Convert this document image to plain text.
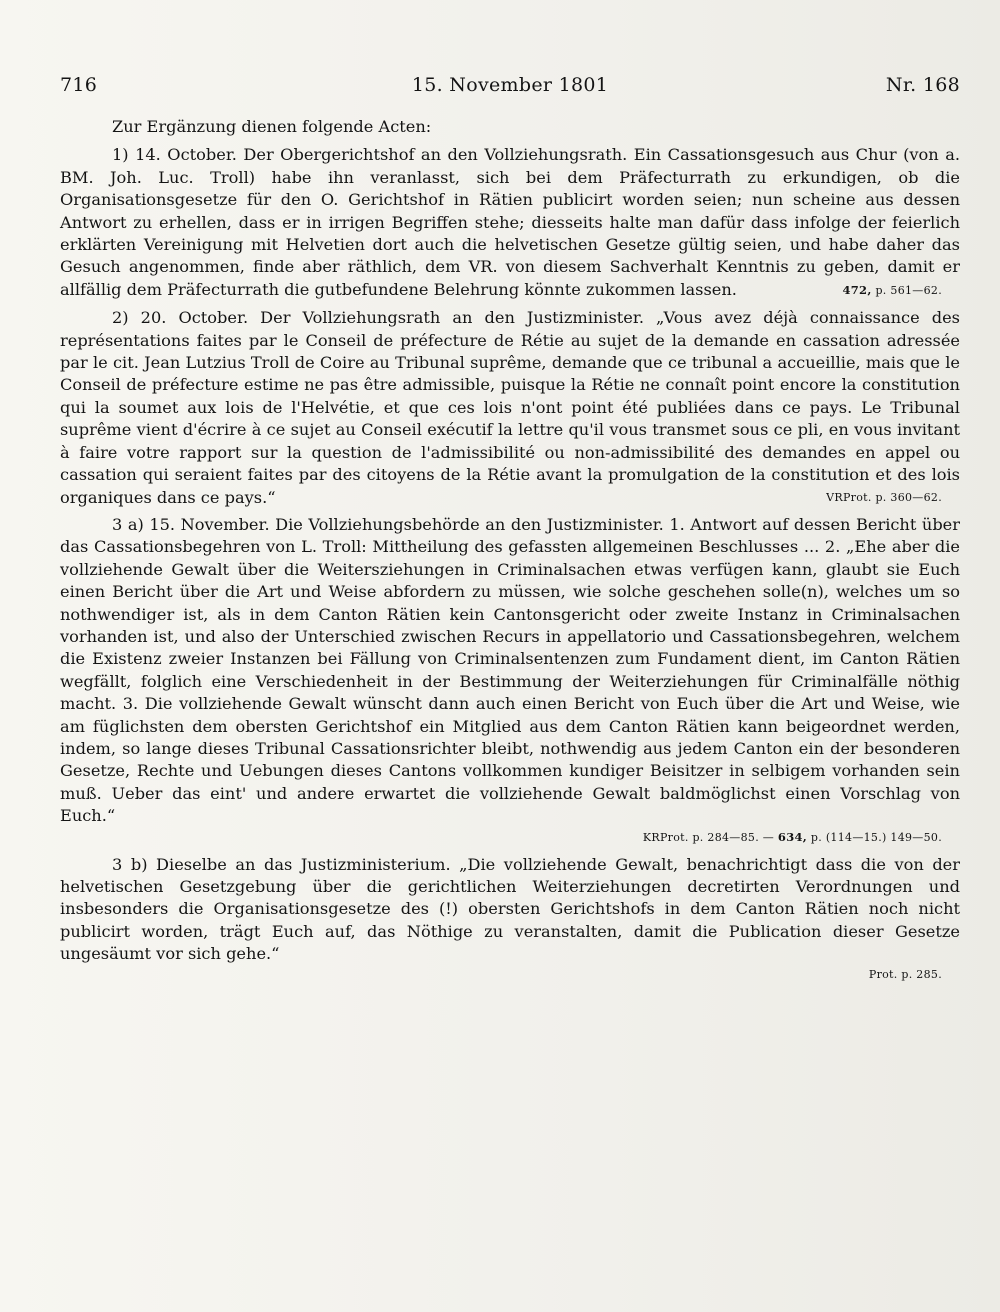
716	15. November 1801	Nr. 168

Zur Ergänzung dienen folgende Acten:

1) 14. October. Der Obergerichtshof an den Vollziehungsrath. Ein Cassationsgesuch aus Chur (von a. BM. Joh. Luc. Troll) habe ihn veranlasst, sich bei dem Präfecturrath zu erkundigen, ob die Organisationsgesetze für den O. Gerichtshof in Rätien publicirt worden seien; nun scheine aus dessen Antwort zu erhellen, dass er in irrigen Begriffen stehe; diesseits halte man dafür dass infolge der feierlich erklärten Vereinigung mit Helvetien dort auch die helvetischen Gesetze gültig seien, und habe daher das Gesuch angenommen, finde aber räthlich, dem VR. von diesem Sachverhalt Kenntnis zu geben, damit er allfällig dem Präfecturrath die gutbefundene Belehrung könnte zukommen lassen.	472, p. 561—62.

2) 20. October. Der Vollziehungsrath an den Justizminister. „Vous avez déjà connaissance des représentations faites par le Conseil de préfecture de Rétie au sujet de la demande en cassation adressée par le cit. Jean Lutzius Troll de Coire au Tribunal suprême, demande que ce tribunal a accueillie, mais que le Conseil de préfecture estime ne pas être admissible, puisque la Rétie ne connaît point encore la constitution qui la soumet aux lois de l'Helvétie, et que ces lois n'ont point été publiées dans ce pays. Le Tribunal suprême vient d'écrire à ce sujet au Conseil exécutif la lettre qu'il vous transmet sous ce pli, en vous invitant à faire votre rapport sur la question de l'admissibilité ou non-admissibilité des demandes en appel ou cassation qui seraient faites par des citoyens de la Rétie avant la promulgation de la constitution et des lois organiques dans ce pays.“	VRProt. p. 360—62.

3 a) 15. November. Die Vollziehungsbehörde an den Justizminister. 1. Antwort auf dessen Bericht über das Cassationsbegehren von L. Troll: Mittheilung des gefassten allgemeinen Beschlusses ... 2. „Ehe aber die vollziehende Gewalt über die Weitersziehungen in Criminalsachen etwas verfügen kann, glaubt sie Euch einen Bericht über die Art und Weise abfordern zu müssen, wie solche geschehen solle(n), welches um so nothwendiger ist, als in dem Canton Rätien kein Cantonsgericht oder zweite Instanz in Criminalsachen vorhanden ist, und also der Unterschied zwischen Recurs in appellatorio und Cassationsbegehren, welchem die Existenz zweier Instanzen bei Fällung von Criminalsentenzen zum Fundament dient, im Canton Rätien wegfällt, folglich eine Verschiedenheit in der Bestimmung der Weiterziehungen für Criminalfälle nöthig macht. 3. Die vollziehende Gewalt wünscht dann auch einen Bericht von Euch über die Art und Weise, wie am füglichsten dem obersten Gerichtshof ein Mitglied aus dem Canton Rätien kann beigeordnet werden, indem, so lange dieses Tribunal Cassationsrichter bleibt, nothwendig aus jedem Canton ein der besonderen Gesetze, Rechte und Uebungen dieses Cantons vollkommen kundiger Beisitzer in selbigem vorhanden sein muß. Ueber das eint' und andere erwartet die vollziehende Gewalt baldmöglichst einen Vorschlag von Euch.“

KRProt. p. 284—85. — 634, p. (114—15.) 149—50.

3 b) Dieselbe an das Justizministerium. „Die vollziehende Gewalt, benachrichtigt dass die von der helvetischen Gesetzgebung über die gerichtlichen Weiterziehungen decretirten Verordnungen und insbesonders die Organisationsgesetze des (!) obersten Gerichtshofs in dem Canton Rätien noch nicht publicirt worden, trägt Euch auf, das Nöthige zu veranstalten, damit die Publication dieser Gesetze ungesäumt vor sich gehe.“

Prot. p. 285.
